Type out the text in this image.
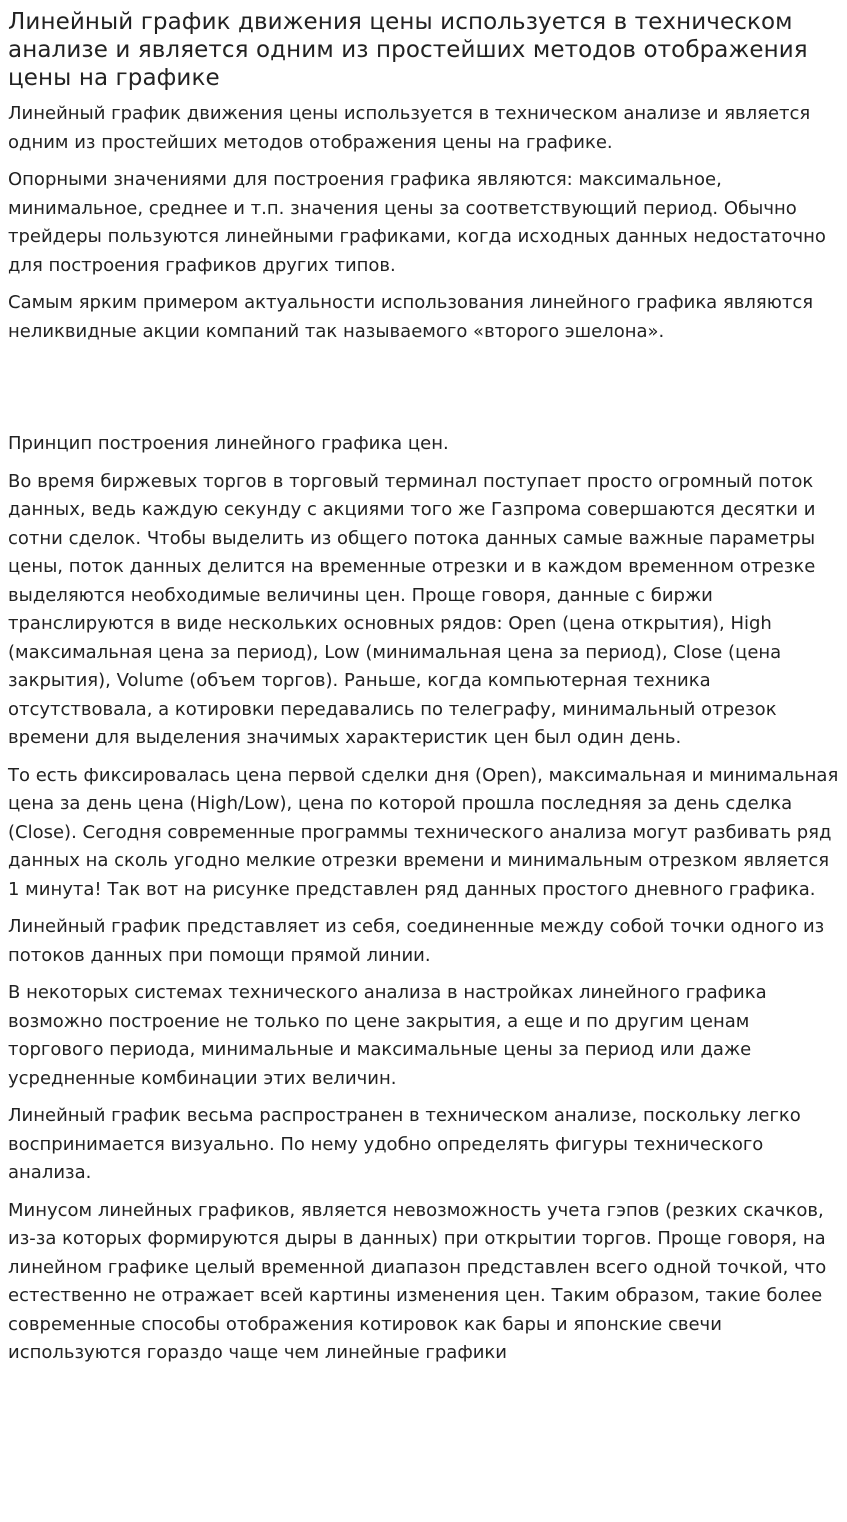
Линейный график движения цены используется в техническом анализе и является одним из простейших методов отображения цены на графике

Линейный график движения цены используется в техническом анализе и является одним из простейших методов отображения цены на графике.

Опорными значениями для построения графика являются: максимальное, минимальное, среднее и т.п. значения цены за соответствующий период. Обычно трейдеры пользуются линейными графиками, когда исходных данных недостаточно для построения графиков других типов.

Самым ярким примером актуальности использования линейного графика являются неликвидные акции компаний так называемого «второго эшелона».

Принцип построения линейного графика цен.

Во время биржевых торгов в торговый терминал поступает просто огромный поток данных, ведь каждую секунду с акциями того же Газпрома совершаются десятки и сотни сделок. Чтобы выделить из общего потока данных самые важные параметры цены, поток данных делится на временные отрезки и в каждом временном отрезке выделяются необходимые величины цен. Проще говоря, данные с биржи транслируются в виде нескольких основных рядов: Open (цена открытия), High (максимальная цена за период), Low (минимальная цена за период), Close (цена закрытия), Volume (объем торгов). Раньше, когда компьютерная техника отсутствовала, а котировки передавались по телеграфу, минимальный отрезок времени для выделения значимых характеристик цен был один день.

То есть фиксировалась цена первой сделки дня (Open), максимальная и минимальная цена за день цена (High/Low), цена по которой прошла последняя за день сделка (Close). Сегодня современные программы технического анализа могут разбивать ряд данных на сколь угодно мелкие отрезки времени и минимальным отрезком является 1 минута! Так вот на рисунке представлен ряд данных простого дневного графика.

Линейный график представляет из себя, соединенные между собой точки одного из потоков данных при помощи прямой линии.

В некоторых системах технического анализа в настройках линейного графика возможно построение не только по цене закрытия, а еще и по другим ценам торгового периода, минимальные и максимальные цены за период или даже усредненные комбинации этих величин.

Линейный график весьма распространен в техническом анализе, поскольку легко воспринимается визуально. По нему удобно определять фигуры технического анализа.

Минусом линейных графиков, является невозможность учета гэпов (резких скачков, из-за которых формируются дыры в данных) при открытии торгов. Проще говоря, на линейном графике целый временной диапазон представлен всего одной точкой, что естественно не отражает всей картины изменения цен. Таким образом, такие более современные способы отображения котировок как бары и японские свечи используются гораздо чаще чем линейные графики
